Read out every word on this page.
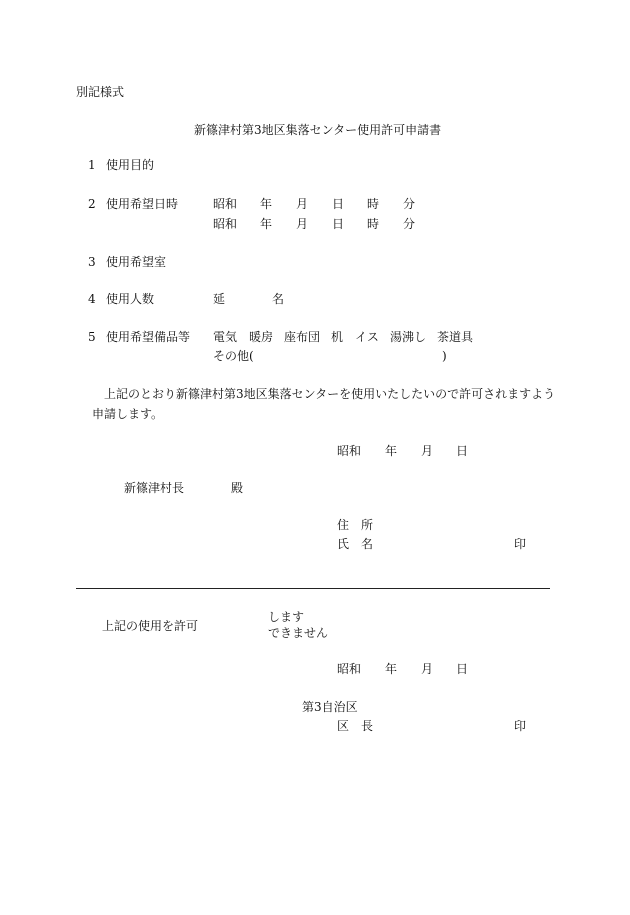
別記様式
新篠津村第3地区集落センター使用許可申請書
1 使用目的
2 使用希望日時	昭和 年 月 日 時 分
昭和 年 月 日 時 分
3 使用希望室
4 使用人数	延	名
5 使用希望備品等 電気 暖房 座布団 机 イス 湯沸し 茶道具
その他(	)
上記のとおり新篠津村第3地区集落センターを使用いたしたいので許可されますよう
申請します。
昭和 年 月 日
新篠津村長	殿
住　所
氏　名	印
上記の使用を許可
します
できません
昭和 年 月 日
第3自治区
区　長	印
